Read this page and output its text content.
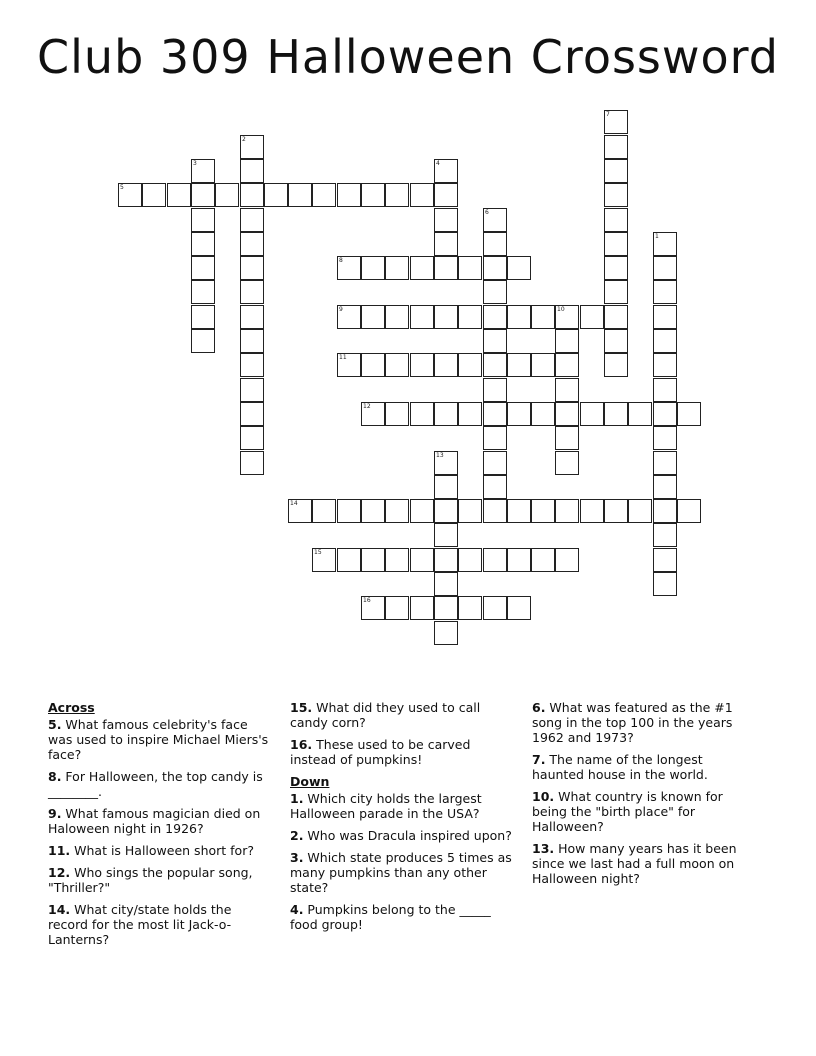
Club 309 Halloween Crossword
1
2
3	4
5
6
7
8
9	10
11
12
13
14
15
16
Across
5. What famous celebrity's face was used to inspire Michael Miers's face?
8. For Halloween, the top candy is ________.
9. What famous magician died on Haloween night in 1926?
11. What is Halloween short for?
12. Who sings the popular song, "Thriller?"
14. What city/state holds the record for the most lit Jack-o-Lanterns?
15. What did they used to call candy corn?
16. These used to be carved instead of pumpkins!
Down
1. Which city holds the largest Halloween parade in the USA?
2. Who was Dracula inspired upon?
3. Which state produces 5 times as many pumpkins than any other state?
4. Pumpkins belong to the _____ food group!
6. What was featured as the #1 song in the top 100 in the years 1962 and 1973?
7. The name of the longest haunted house in the world.
10. What country is known for being the "birth place" for Halloween?
13. How many years has it been since we last had a full moon on Halloween night?
